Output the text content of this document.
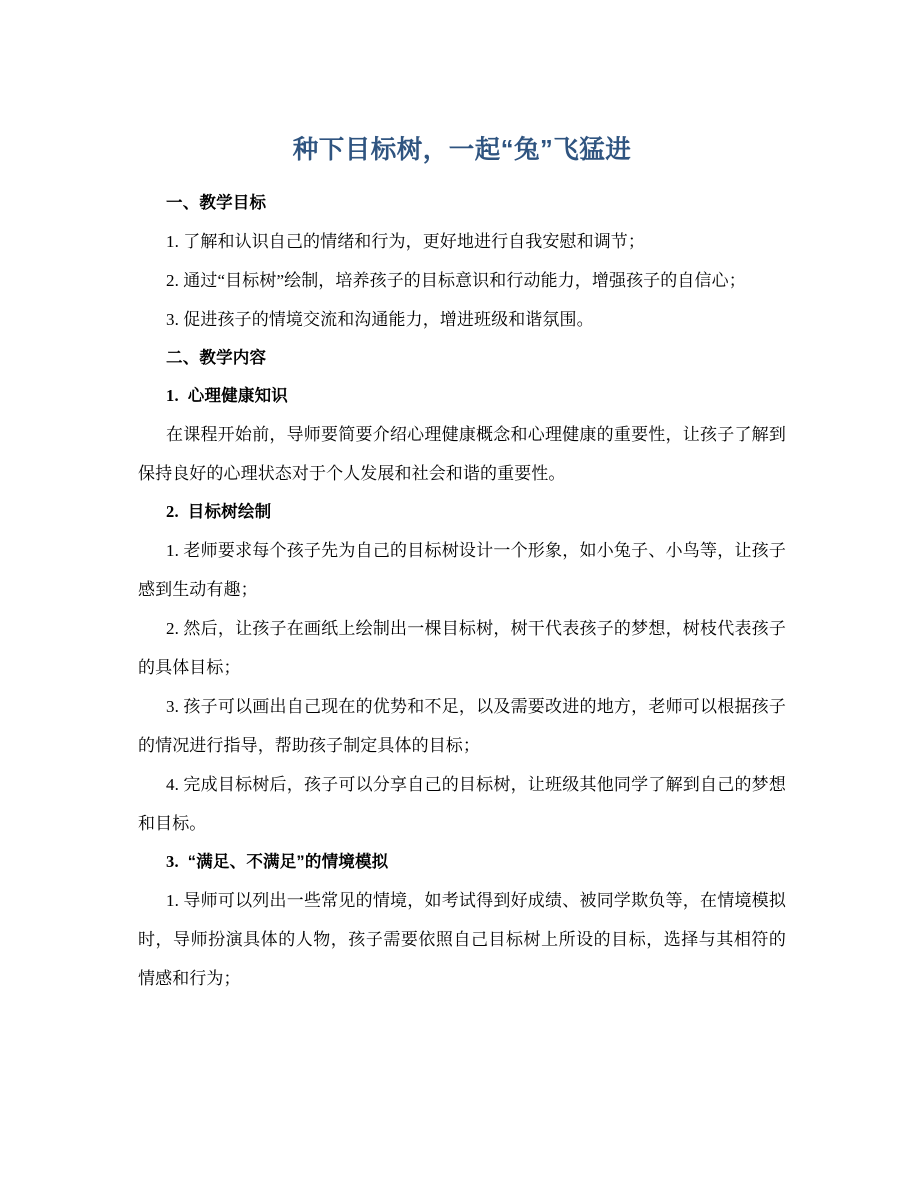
种下目标树，一起“兔”飞猛进
一、教学目标

1. 了解和认识自己的情绪和行为，更好地进行自我安慰和调节；

2. 通过“目标树”绘制，培养孩子的目标意识和行动能力，增强孩子的自信心；

3. 促进孩子的情境交流和沟通能力，增进班级和谐氛围。

二、教学内容
1. 心理健康知识

在课程开始前，导师要简要介绍心理健康概念和心理健康的重要性，让孩子了解到保持良好的心理状态对于个人发展和社会和谐的重要性。

2. 目标树绘制

1. 老师要求每个孩子先为自己的目标树设计一个形象，如小兔子、小鸟等，让孩子感到生动有趣；

2. 然后，让孩子在画纸上绘制出一棵目标树，树干代表孩子的梦想，树枝代表孩子的具体目标；

3. 孩子可以画出自己现在的优势和不足，以及需要改进的地方，老师可以根据孩子的情况进行指导，帮助孩子制定具体的目标；

4. 完成目标树后，孩子可以分享自己的目标树，让班级其他同学了解到自己的梦想和目标。

3. “满足、不满足”的情境模拟

1. 导师可以列出一些常见的情境，如考试得到好成绩、被同学欺负等，在情境模拟时，导师扮演具体的人物，孩子需要依照自己目标树上所设的目标，选择与其相符的情感和行为；
